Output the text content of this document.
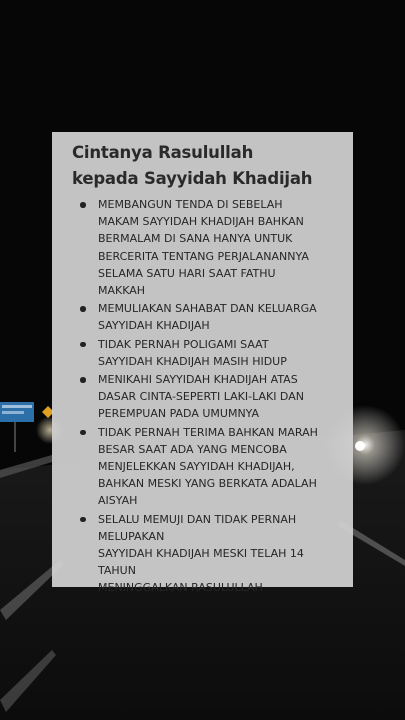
Cintanya Rasulullah
kepada Sayyidah Khadijah
MEMBANGUN TENDA DI SEBELAH
MAKAM SAYYIDAH KHADIJAH BAHKAN
BERMALAM DI SANA HANYA UNTUK
BERCERITA TENTANG PERJALANANNYA
SELAMA SATU HARI SAAT FATHU
MAKKAH
MEMULIAKAN SAHABAT DAN KELUARGA
SAYYIDAH KHADIJAH
TIDAK PERNAH POLIGAMI SAAT
SAYYIDAH KHADIJAH MASIH HIDUP
MENIKAHI SAYYIDAH KHADIJAH ATAS
DASAR CINTA-SEPERTI LAKI-LAKI DAN
PEREMPUAN PADA UMUMNYA
TIDAK PERNAH TERIMA BAHKAN MARAH
BESAR SAAT ADA YANG MENCOBA
MENJELEKKAN SAYYIDAH KHADIJAH,
BAHKAN MESKI YANG BERKATA ADALAH
AISYAH
SELALU MEMUJI DAN TIDAK PERNAH
MELUPAKAN
SAYYIDAH KHADIJAH MESKI TELAH 14
TAHUN
MENINGGALKAN RASULULLAH
